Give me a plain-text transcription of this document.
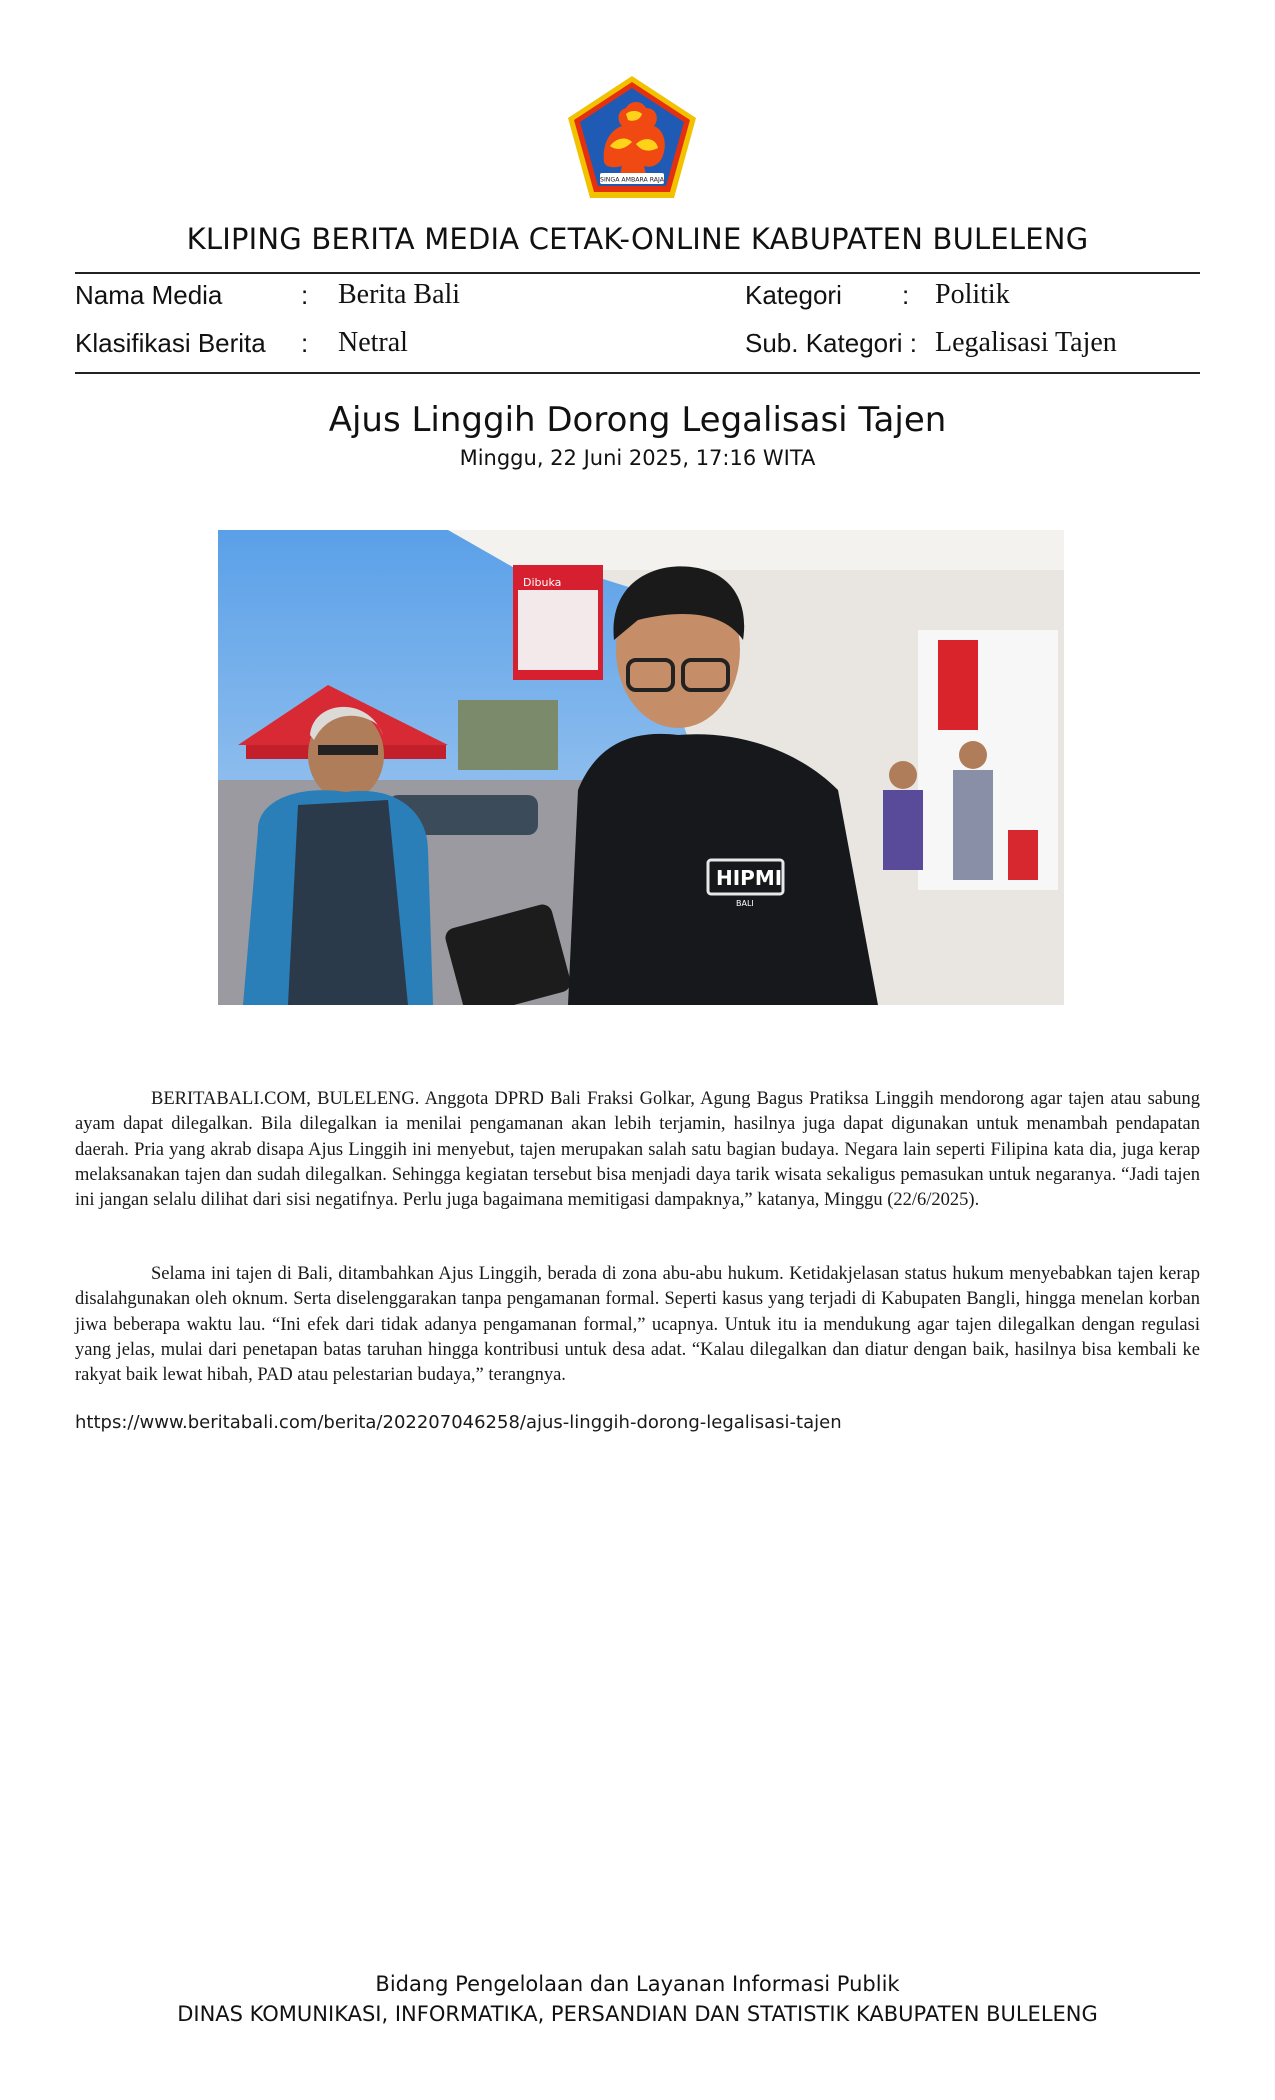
SINGA AMBARA RAJA
KLIPING BERITA MEDIA CETAK-ONLINE KABUPATEN BULELENG
Nama Media	: Berita Bali	Kategori : Politik
Klasifikasi Berita : Netral	Sub. Kategori : Legalisasi Tajen
Ajus Linggih Dorong Legalisasi Tajen
Minggu, 22 Juni 2025, 17:16 WITA
Dibuka
HIPMI
BALI

BERITABALI.COM, BULELENG. Anggota DPRD Bali Fraksi Golkar, Agung Bagus Pratiksa Linggih mendorong agar tajen atau sabung ayam dapat dilegalkan. Bila dilegalkan ia menilai pengamanan akan lebih terjamin, hasilnya juga dapat digunakan untuk menambah pendapatan daerah. Pria yang akrab disapa Ajus Linggih ini menyebut, tajen merupakan salah satu bagian budaya. Negara lain seperti Filipina kata dia, juga kerap melaksanakan tajen dan sudah dilegalkan. Sehingga kegiatan tersebut bisa menjadi daya tarik wisata sekaligus pemasukan untuk negaranya. “Jadi tajen ini jangan selalu dilihat dari sisi negatifnya. Perlu juga bagaimana memitigasi dampaknya,” katanya, Minggu (22/6/2025).

Selama ini tajen di Bali, ditambahkan Ajus Linggih, berada di zona abu-abu hukum. Ketidakjelasan status hukum menyebabkan tajen kerap disalahgunakan oleh oknum. Serta diselenggarakan tanpa pengamanan formal. Seperti kasus yang terjadi di Kabupaten Bangli, hingga menelan korban jiwa beberapa waktu lau. “Ini efek dari tidak adanya pengamanan formal,” ucapnya. Untuk itu ia mendukung agar tajen dilegalkan dengan regulasi yang jelas, mulai dari penetapan batas taruhan hingga kontribusi untuk desa adat. “Kalau dilegalkan dan diatur dengan baik, hasilnya bisa kembali ke rakyat baik lewat hibah, PAD atau pelestarian budaya,” terangnya.

https://www.beritabali.com/berita/202207046258/ajus-linggih-dorong-legalisasi-tajen
Bidang Pengelolaan dan Layanan Informasi Publik
DINAS KOMUNIKASI, INFORMATIKA, PERSANDIAN DAN STATISTIK KABUPATEN BULELENG
